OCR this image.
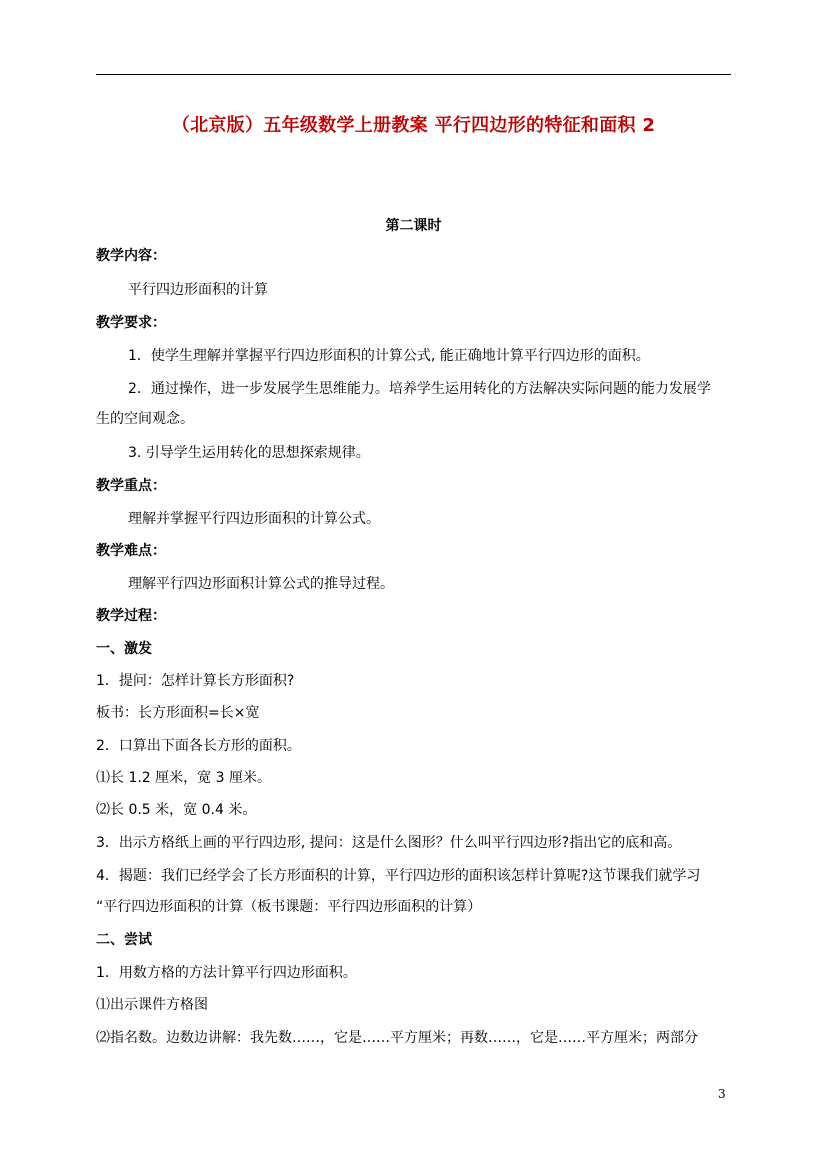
（北京版）五年级数学上册教案 平行四边形的特征和面积 2
第二课时
教学内容：
平行四边形面积的计算
教学要求：
1．使学生理解并掌握平行四边形面积的计算公式, 能正确地计算平行四边形的面积。
2．通过操作，进一步发展学生思维能力。培养学生运用转化的方法解决实际问题的能力发展学
生的空间观念。
3. 引导学生运用转化的思想探索规律。
教学重点：
理解并掌握平行四边形面积的计算公式。
教学难点：
理解平行四边形面积计算公式的推导过程。
教学过程：
一、激发
1．提问：怎样计算长方形面积?
板书：长方形面积=长×宽
2．口算出下面各长方形的面积。
⑴长 1.2 厘米，宽 3 厘米。
⑵长 0.5 米，宽 0.4 米。
3．出示方格纸上画的平行四边形, 提问：这是什么图形？什么叫平行四边形?指出它的底和高。
4．揭题：我们已经学会了长方形面积的计算，平行四边形的面积该怎样计算呢?这节课我们就学习
“平行四边形面积的计算（板书课题：平行四边形面积的计算）
二、尝试
1．用数方格的方法计算平行四边形面积。
⑴出示课件方格图
⑵指名数。边数边讲解：我先数……，它是……平方厘米；再数……，它是……平方厘米；两部分
3
